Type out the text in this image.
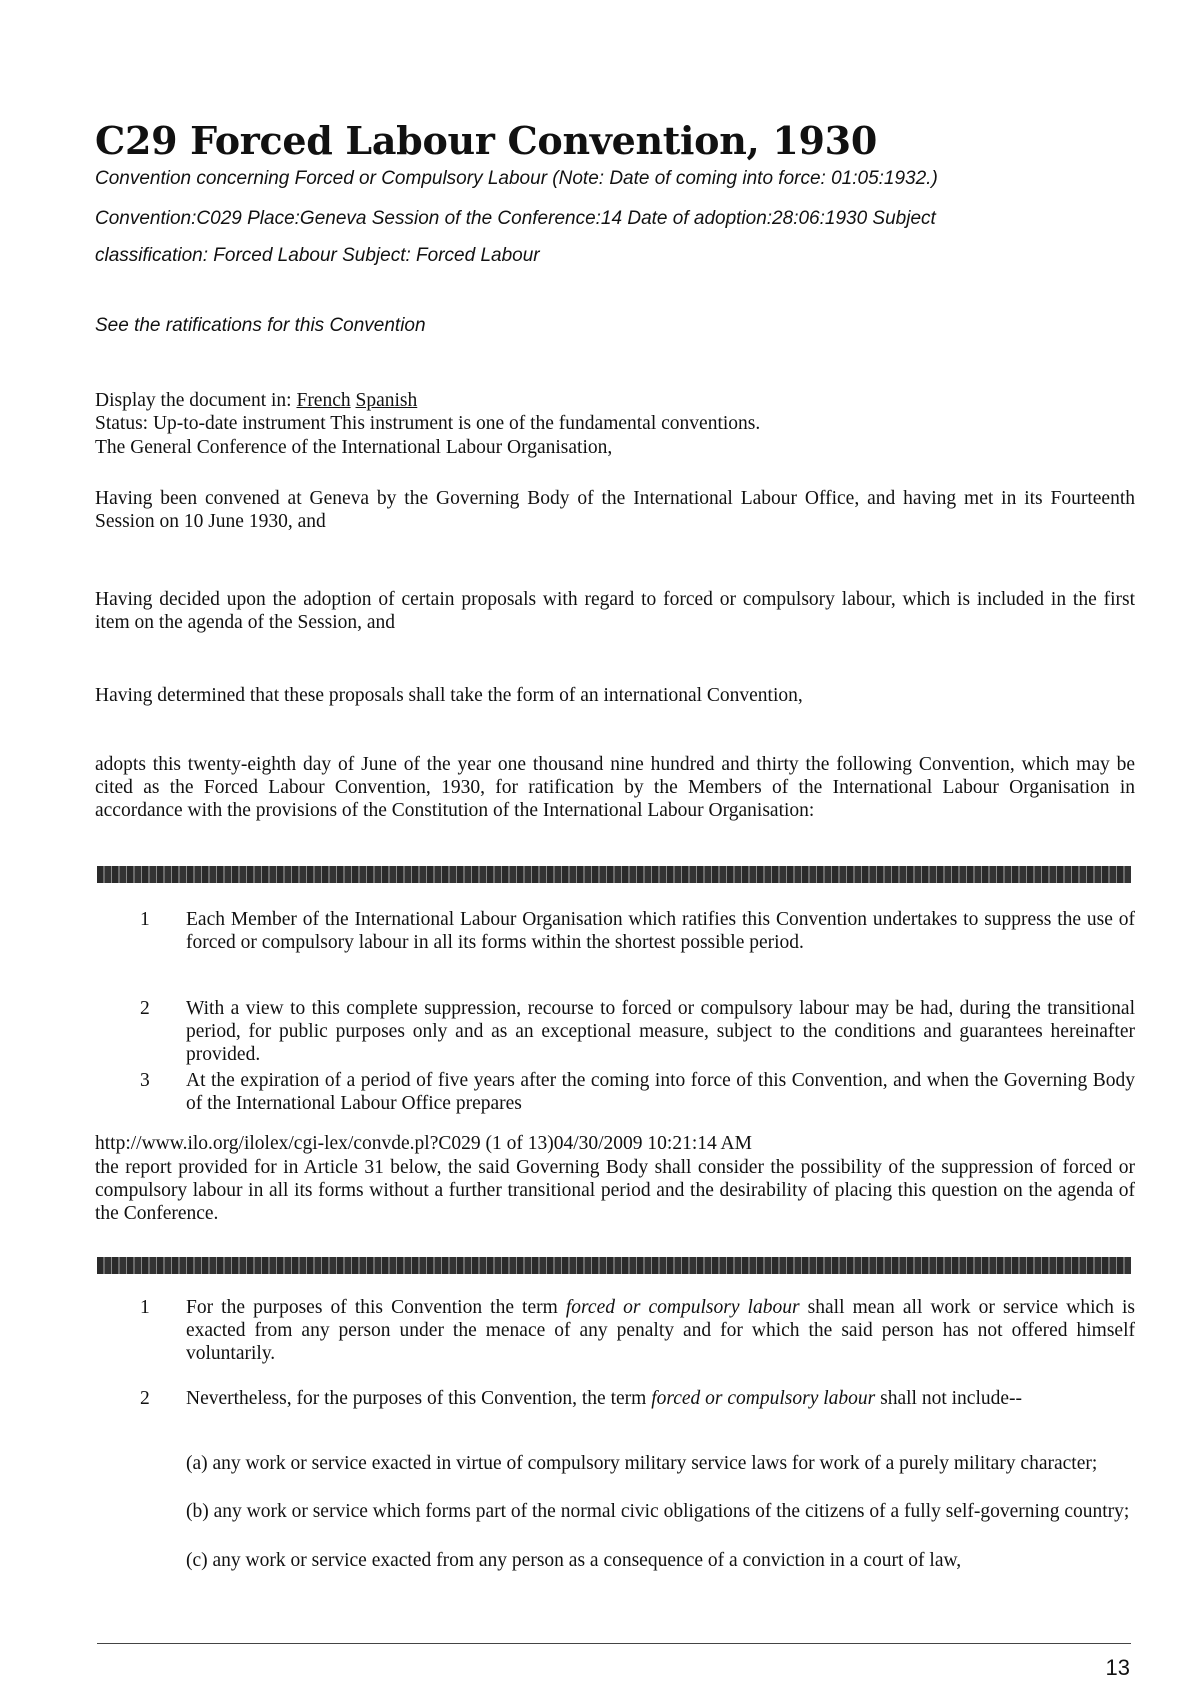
C29 Forced Labour Convention, 1930

Convention concerning Forced or Compulsory Labour (Note: Date of coming into force: 01:05:1932.)

Convention:C029 Place:Geneva Session of the Conference:14 Date of adoption:28:06:1930 Subject

classification: Forced Labour Subject: Forced Labour

See the ratifications for this Convention

Display the document in: French Spanish

Status: Up-to-date instrument This instrument is one of the fundamental conventions.

The General Conference of the International Labour Organisation,

Having been convened at Geneva by the Governing Body of the International Labour Office, and having met in its Fourteenth Session on 10 June 1930, and

Having decided upon the adoption of certain proposals with regard to forced or compulsory labour, which is included in the first item on the agenda of the Session, and

Having determined that these proposals shall take the form of an international Convention,

adopts this twenty-eighth day of June of the year one thousand nine hundred and thirty the following Convention, which may be cited as the Forced Labour Convention, 1930, for ratification by the Members of the International Labour Organisation in accordance with the provisions of the Constitution of the International Labour Organisation:

1	Each Member of the International Labour Organisation which ratifies this Convention undertakes to suppress the use of forced or compulsory labour in all its forms within the shortest possible period.
2	With a view to this complete suppression, recourse to forced or compulsory labour may be had, during the transitional period, for public purposes only and as an exceptional measure, subject to the conditions and guarantees hereinafter provided.
3	At the expiration of a period of five years after the coming into force of this Convention, and when the Governing Body of the International Labour Office prepares

http://www.ilo.org/ilolex/cgi-lex/convde.pl?C029 (1 of 13)04/30/2009 10:21:14 AM

the report provided for in Article 31 below, the said Governing Body shall consider the possibility of the suppression of forced or compulsory labour in all its forms without a further transitional period and the desirability of placing this question on the agenda of the Conference.

1	For the purposes of this Convention the term forced or compulsory labour shall mean all work or service which is exacted from any person under the menace of any penalty and for which the said person has not offered himself voluntarily.
2	Nevertheless, for the purposes of this Convention, the term forced or compulsory labour shall not include--

(a) any work or service exacted in virtue of compulsory military service laws for work of a purely military character;

(b) any work or service which forms part of the normal civic obligations of the citizens of a fully self-governing country;

(c) any work or service exacted from any person as a consequence of a conviction in a court of law,

13
